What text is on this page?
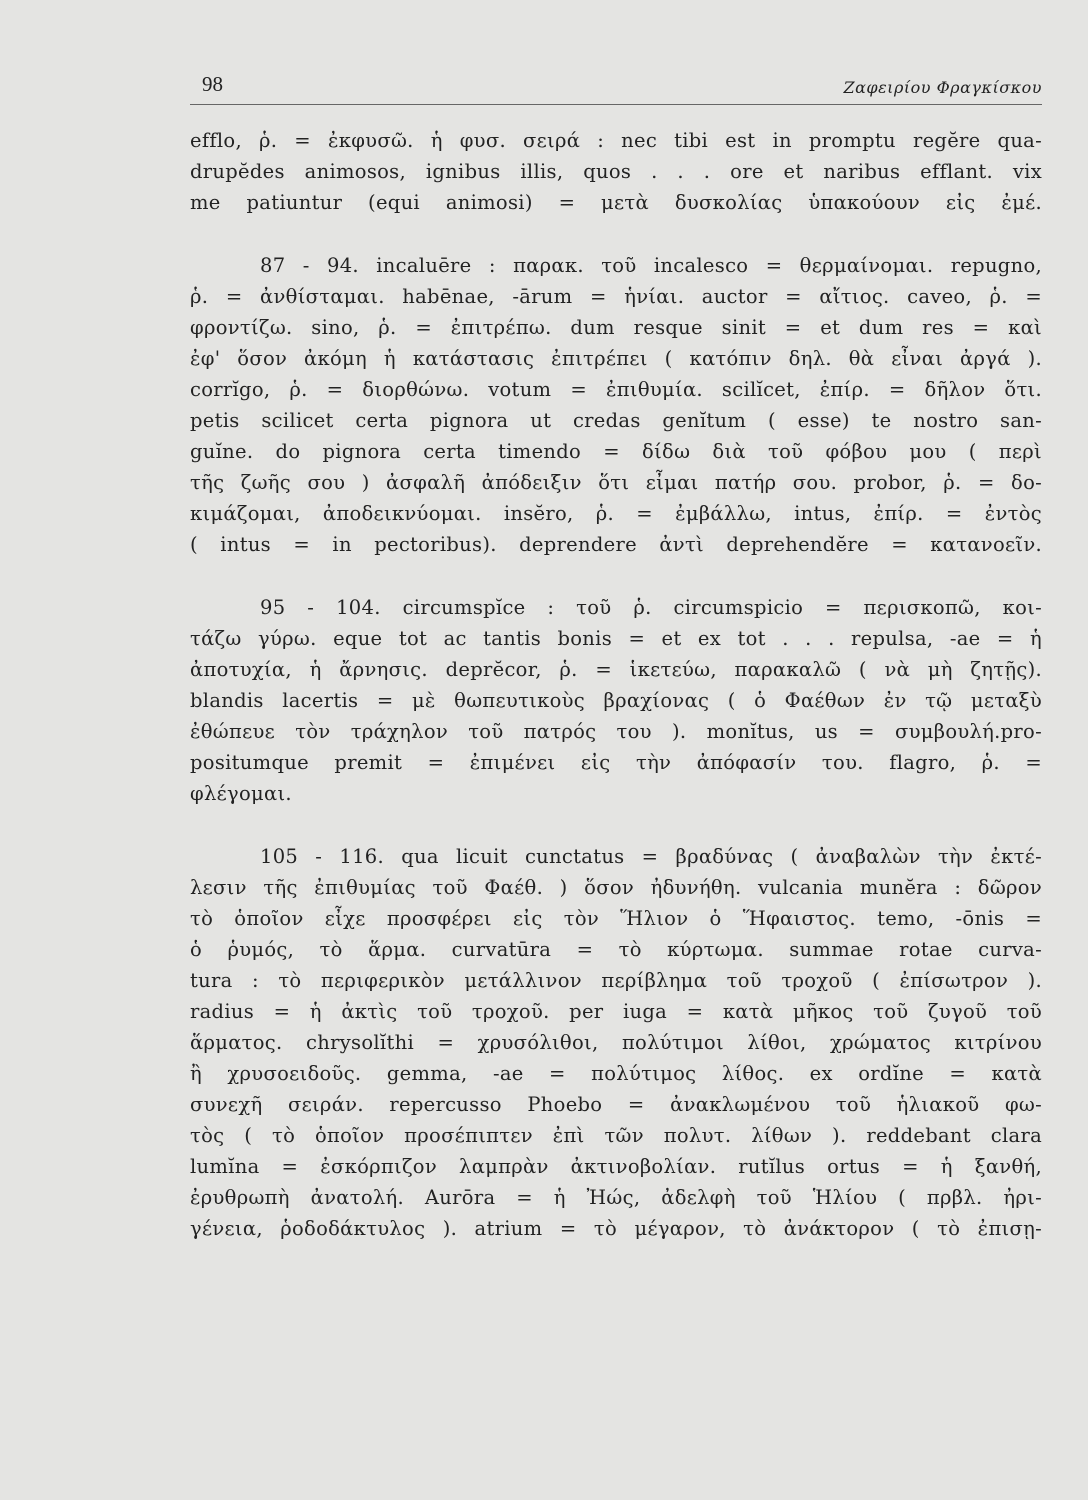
98	Ζαφειρίου Φραγκίσκου
efflo, ῥ. = ἐκφυσῶ. ἡ φυσ. σειρά : nec tibi est in promptu regĕre qua-
drupĕdes animosos, ignibus illis, quos . . . ore et naribus efflant. vix
me patiuntur (equi animosi) = μετὰ δυσκολίας ὑπακούουν εἰς ἐμέ.
87 - 94. incaluēre : παρακ. τοῦ incalesco = θερμαίνομαι. repugno,
ῥ. = ἀνθίσταμαι. habēnae, -ārum = ἡνίαι. auctor = αἴτιος. caveo, ῥ. =
φροντίζω. sino, ῥ. = ἐπιτρέπω. dum resque sinit = et dum res = καὶ
ἐφ' ὅσον ἀκόμη ἡ κατάστασις ἐπιτρέπει ( κατόπιν δηλ. θὰ εἶναι ἀργά ).
corrĭgo, ῥ. = διορθώνω. votum = ἐπιθυμία. scilĭcet, ἐπίρ. = δῆλον ὅτι.
petis scilicet certa pignora ut credas genĭtum ( esse) te nostro san-
guĭne. do pignora certa timendo = δίδω διὰ τοῦ φόβου μου ( περὶ
τῆς ζωῆς σου ) ἀσφαλῆ ἀπόδειξιν ὅτι εἶμαι πατήρ σου. probor, ῥ. = δο-
κιμάζομαι, ἀποδεικνύομαι. insĕro, ῥ. = ἐμβάλλω, intus, ἐπίρ. = ἐντὸς
( intus = in pectoribus). deprendere ἀντὶ deprehendĕre = κατανοεῖν.
95 - 104. circumspĭce : τοῦ ῥ. circumspicio = περισκοπῶ, κοι-
τάζω γύρω. eque tot ac tantis bonis = et ex tot . . . repulsa, -ae = ἡ
ἀποτυχία, ἡ ἄρνησις. deprĕcor, ῥ. = ἱκετεύω, παρακαλῶ ( νὰ μὴ ζητῇς).
blandis lacertis = μὲ θωπευτικοὺς βραχίονας ( ὁ Φαέθων ἐν τῷ μεταξὺ
ἐθώπευε τὸν τράχηλον τοῦ πατρός του ). monĭtus, us = συμβουλή.pro-
positumque premit = ἐπιμένει εἰς τὴν ἀπόφασίν του. flagro, ῥ. =
φλέγομαι.
105 - 116. qua licuit cunctatus = βραδύνας ( ἀναβαλὼν τὴν ἐκτέ-
λεσιν τῆς ἐπιθυμίας τοῦ Φαέθ. ) ὅσον ἠδυνήθη. vulcania munĕra : δῶρον
τὸ ὁποῖον εἶχε προσφέρει εἰς τὸν Ἥλιον ὁ Ἥφαιστος. temo, -ōnis =
ὁ ῥυμός, τὸ ἅρμα. curvatūra = τὸ κύρτωμα. summae rotae curva-
tura : τὸ περιφερικὸν μετάλλινον περίβλημα τοῦ τροχοῦ ( ἐπίσωτρον ).
radius = ἡ ἀκτὶς τοῦ τροχοῦ. per iuga = κατὰ μῆκος τοῦ ζυγοῦ τοῦ
ἅρματος. chrysolĭthi = χρυσόλιθοι, πολύτιμοι λίθοι, χρώματος κιτρίνου
ἢ χρυσοειδοῦς. gemma, -ae = πολύτιμος λίθος. ex ordĭne = κατὰ
συνεχῆ σειράν. repercusso Phoebo = ἀνακλωμένου τοῦ ἡλιακοῦ φω-
τὸς ( τὸ ὁποῖον προσέπιπτεν ἐπὶ τῶν πολυτ. λίθων ). reddebant clara
lumĭna = ἐσκόρπιζον λαμπρὰν ἀκτινοβολίαν. rutĭlus ortus = ἡ ξανθή,
ἐρυθρωπὴ ἀνατολή. Aurōra = ἡ Ἠώς, ἀδελφὴ τοῦ Ἡλίου ( πρβλ. ἠρι-
γένεια, ῥοδοδάκτυλος ). atrium = τὸ μέγαρον, τὸ ἀνάκτορον ( τὸ ἐπισῃ-
